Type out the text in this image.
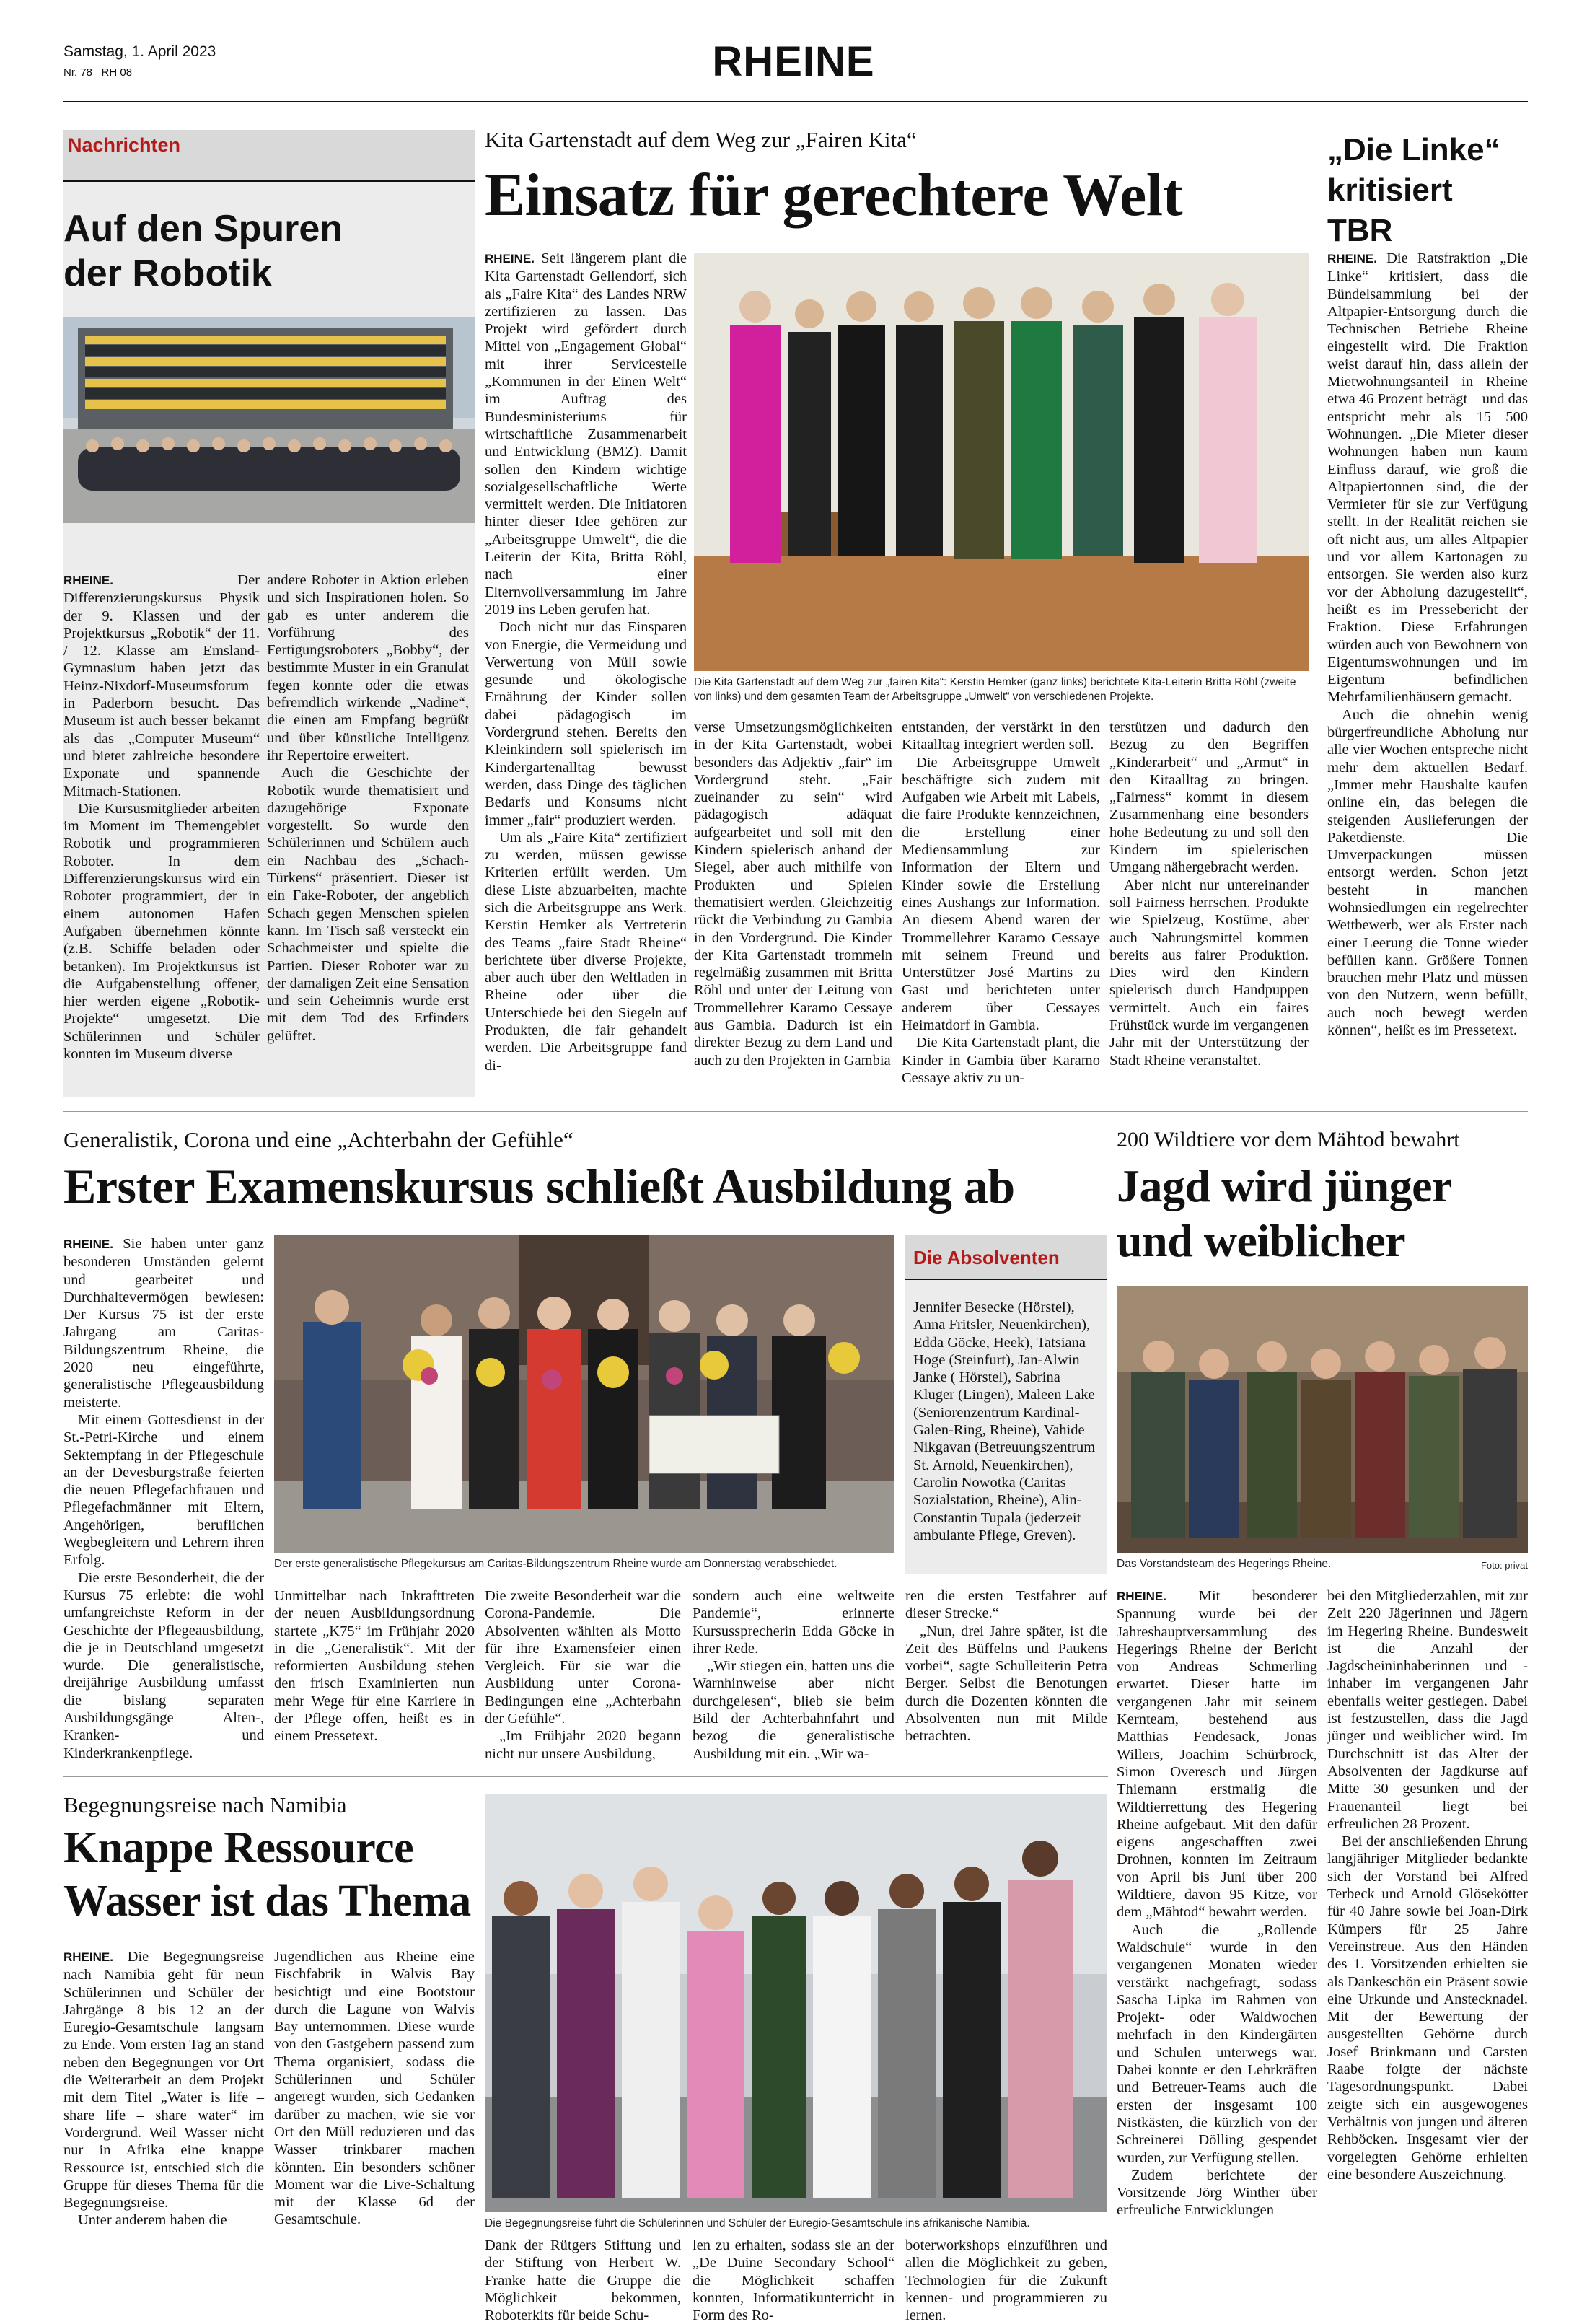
Samstag, 1. April 2023
Nr. 78 RH 08	RHEINE
Nachrichten
Auf den Spuren der Robotik

RHEINE.	Der Differenzierungskursus Physik der 9. Klassen und der Projektkursus „Robotik“ der 11. / 12. Klasse am Emsland-Gymnasium haben jetzt das Heinz-Nixdorf-Museumsforum in Paderborn besucht. Das Museum ist auch besser bekannt als das „Computer–Museum“ und bietet zahlreiche besondere Exponate und spannende Mitmach-Stationen.

Die Kursusmitglieder arbeiten im Moment im Themengebiet Robotik und programmieren Roboter. In dem Differenzierungskursus wird ein Roboter programmiert, der in einem autonomen Hafen Aufgaben übernehmen könnte (z.B. Schiffe beladen oder betanken). Im Projektkursus ist die Aufgabenstellung offener, hier werden eigene „Robotik-Projekte“ umgesetzt. Die Schülerinnen und Schüler konnten im Museum diverse

andere Roboter in Aktion erleben und sich Inspirationen holen. So gab es unter anderem die Vorführung des Fertigungsroboters „Bobby“, der bestimmte Muster in ein Granulat fegen konnte oder die etwas befremdlich wirkende „Nadine“, die einen am Empfang begrüßt und über künstliche Intelligenz ihr Repertoire erweitert.

Auch die Geschichte der Robotik wurde thematisiert und dazugehörige Exponate vorgestellt. So wurde den Schülerinnen und Schülern auch ein Nachbau des „Schach-Türkens“ präsentiert. Dieser ist ein Fake-Roboter, der angeblich Schach gegen Menschen spielen kann. Im Tisch saß versteckt ein Schachmeister und spielte die Partien. Dieser Roboter war zu der damaligen Zeit eine Sensation und sein Geheimnis wurde erst mit dem Tod des Erfinders gelüftet.

Kita Gartenstadt auf dem Weg zur „Fairen Kita“
Einsatz für gerechtere Welt

RHEINE. Seit längerem plant die Kita Gartenstadt Gellendorf, sich als „Faire Kita“ des Landes NRW zertifizieren zu lassen. Das Projekt wird gefördert durch Mittel von „Engagement Global“ mit ihrer Servicestelle „Kommunen in der Einen Welt“ im Auftrag des Bundesministeriums für wirtschaftliche Zusammenarbeit und Entwicklung (BMZ). Damit sollen den Kindern wichtige sozialgesellschaftliche Werte vermittelt werden. Die Initiatoren hinter dieser Idee gehören zur „Arbeitsgruppe Umwelt“, die die Leiterin der Kita, Britta Röhl, nach einer Elternvollversammlung im Jahre 2019 ins Leben gerufen hat.

Doch nicht nur das Einsparen von Energie, die Vermeidung und Verwertung von Müll sowie gesunde und ökologische Ernährung der Kinder sollen dabei pädagogisch im Vordergrund stehen. Bereits den Kleinkindern soll spielerisch im Kindergartenalltag bewusst werden, dass Dinge des täglichen Bedarfs und Konsums nicht immer „fair“ produziert werden.

Um als „Faire Kita“ zertifiziert zu werden, müssen gewisse Kriterien erfüllt werden. Um diese Liste abzuarbeiten, machte sich die Arbeitsgruppe ans Werk. Kerstin Hemker als Vertreterin des Teams „faire Stadt Rheine“ berichtete über diverse Projekte, aber auch über den Weltladen in Rheine oder über die Unterschiede bei den Siegeln auf Produkten, die fair gehandelt werden. Die Arbeitsgruppe fand di-

Die Kita Gartenstadt auf dem Weg zur „fairen Kita“: Kerstin Hemker (ganz links) berichtete Kita-Leiterin Britta Röhl (zweite von links) und dem gesamten Team der Arbeitsgruppe „Umwelt“ von verschiedenen Projekte.

verse Umsetzungsmöglichkeiten in der Kita Gartenstadt, wobei besonders das Adjektiv „fair“ im Vordergrund steht. „Fair zueinander zu sein“ wird pädagogisch adäquat aufgearbeitet und soll mit den Kindern spielerisch anhand der Siegel, aber auch mithilfe von Produkten und Spielen thematisiert werden. Gleichzeitig rückt die Verbindung zu Gambia in den Vordergrund. Die Kinder der Kita Gartenstadt trommeln regelmäßig zusammen mit Britta Röhl und unter der Leitung von Trommellehrer Karamo Cessaye aus Gambia. Dadurch ist ein direkter Bezug zu dem Land und auch zu den Projekten in Gambia

entstanden, der verstärkt in den Kitaalltag integriert werden soll.

Die Arbeitsgruppe Umwelt beschäftigte sich zudem mit Aufgaben wie Arbeit mit Labels, die faire Produkte kennzeichnen, die Erstellung einer Mediensammlung zur Information der Eltern und Kinder sowie die Erstellung eines Aushangs zur Information. An diesem Abend waren der Trommellehrer Karamo Cessaye mit seinem Freund und Unterstützer José Martins zu Gast und berichteten unter anderem über Cessayes Heimatdorf in Gambia.

Die Kita Gartenstadt plant, die Kinder in Gambia über Karamo Cessaye aktiv zu un-

terstützen und dadurch den Bezug zu den Begriffen „Kinderarbeit“ und „Armut“ in den Kitaalltag zu bringen. „Fairness“ kommt in diesem Zusammenhang eine besonders hohe Bedeutung zu und soll den Kindern im spielerischen Umgang nähergebracht werden.

Aber nicht nur untereinander soll Fairness herrschen. Produkte wie Spielzeug, Kostüme, aber auch Nahrungsmittel kommen bereits aus fairer Produktion. Dies wird den Kindern spielerisch durch Handpuppen vermittelt. Auch ein faires Frühstück wurde im vergangenen Jahr mit der Unterstützung der Stadt Rheine veranstaltet.

„Die Linke“ kritisiert TBR

RHEINE. Die Ratsfraktion „Die Linke“ kritisiert, dass die Bündelsammlung bei der Altpapier-Entsorgung durch die Technischen Betriebe Rheine eingestellt wird. Die Fraktion weist darauf hin, dass allein der Mietwohnungsanteil in Rheine etwa 46 Prozent beträgt – und das entspricht mehr als 15 500 Wohnungen. „Die Mieter dieser Wohnungen haben nun kaum Einfluss darauf, wie groß die Altpapiertonnen sind, die der Vermieter für sie zur Verfügung stellt. In der Realität reichen sie oft nicht aus, um alles Altpapier und vor allem Kartonagen zu entsorgen. Sie werden also kurz vor der Abholung dazugestellt“, heißt es im Pressebericht der Fraktion. Diese Erfahrungen würden auch von Bewohnern von Eigentumswohnungen und im Eigentum befindlichen Mehrfamilienhäusern gemacht.

Auch die ohnehin wenig bürgerfreundliche Abholung nur alle vier Wochen entspreche nicht mehr dem aktuellen Bedarf. „Immer mehr Haushalte kaufen online ein, das belegen die steigenden Auslieferungen der Paketdienste. Die Umverpackungen müssen entsorgt werden. Schon jetzt besteht in manchen Wohnsiedlungen ein regelrechter Wettbewerb, wer als Erster nach einer Leerung die Tonne wieder befüllen kann. Größere Tonnen brauchen mehr Platz und müssen von den Nutzern, wenn befüllt, auch noch bewegt werden können“, heißt es im Pressetext.

Generalistik, Corona und eine „Achterbahn der Gefühle“
Erster Examenskursus schließt Ausbildung ab

RHEINE. Sie haben unter ganz besonderen Umständen gelernt und gearbeitet und Durchhaltevermögen bewiesen: Der Kursus 75 ist der erste Jahrgang am Caritas-Bildungszentrum Rheine, die 2020 neu eingeführte, generalistische Pflegeausbildung meisterte.

Mit einem Gottesdienst in der St.-Petri-Kirche und einem Sektempfang in der Pflegeschule an der Devesburgstraße feierten die neuen Pflegefachfrauen und Pflegefachmänner mit Eltern, Angehörigen, beruflichen Wegbegleitern und Lehrern ihren Erfolg.

Die erste Besonderheit, die der Kursus 75 erlebte: die wohl umfangreichste Reform in der Geschichte der Pflegeausbildung, die je in Deutschland umgesetzt wurde. Die generalistische, dreijährige Ausbildung umfasst die bislang separaten Ausbildungsgänge Alten-, Kranken- und Kinderkrankenpflege.

Der erste generalistische Pflegekursus am Caritas-Bildungszentrum Rheine wurde am Donnerstag verabschiedet.
Die Absolventen

Jennifer Besecke (Hörstel), Anna Fritsler, Neuenkirchen), Edda Göcke, Heek), Tatsiana Hoge (Steinfurt), Jan-Alwin Janke ( Hörstel), Sabrina Kluger (Lingen), Maleen Lake (Seniorenzentrum Kardinal-Galen-Ring, Rheine), Vahide Nikgavan (Betreuungszentrum St. Arnold, Neuenkirchen), Carolin Nowotka (Caritas Sozialstation, Rheine), Alin-Constantin Tupala (jederzeit ambulante Pflege, Greven).

Unmittelbar nach Inkrafttreten der neuen Ausbildungsordnung startete „K75“ im Frühjahr 2020 in die „Generalistik“. Mit der reformierten Ausbildung stehen den frisch Examinierten nun mehr Wege für eine Karriere in der Pflege offen, heißt es in einem Pressetext.

Die zweite Besonderheit war die Corona-Pandemie. Die Absolventen wählten als Motto für ihre Examensfeier einen Vergleich. Für sie war die Ausbildung unter Corona-Bedingungen eine „Achterbahn der Gefühle“.

„Im Frühjahr 2020 begann nicht nur unsere Ausbildung,

sondern auch eine weltweite Pandemie“, erinnerte Kursussprecherin Edda Göcke in ihrer Rede.

„Wir stiegen ein, hatten uns die Warnhinweise aber nicht durchgelesen“, blieb sie beim Bild der Achterbahnfahrt und bezog die generalistische Ausbildung mit ein. „Wir wa-

ren die ersten Testfahrer auf dieser Strecke.“

„Nun, drei Jahre später, ist die Zeit des Büffelns und Paukens vorbei“, sagte Schulleiterin Petra Berger. Selbst die Benotungen durch die Dozenten könnten die Absolventen nun mit Milde betrachten.

200 Wildtiere vor dem Mähtod bewahrt
Jagd wird jünger und weiblicher
Das Vorstandsteam des Hegerings Rheine.	Foto: privat

RHEINE. Mit besonderer Spannung wurde bei der Jahreshauptversammlung des Hegerings Rheine der Bericht von Andreas Schmerling erwartet. Dieser hatte im vergangenen Jahr mit seinem Kernteam, bestehend aus Matthias Fendesack, Jonas Willers, Joachim Schürbrock, Simon Overesch und Jürgen Thiemann erstmalig die Wildtierrettung des Hegering Rheine aufgebaut. Mit den dafür eigens angeschafften zwei Drohnen, konnten im Zeitraum von April bis Juni über 200 Wildtiere, davon 95 Kitze, vor dem „Mähtod“ bewahrt werden.

Auch die „Rollende Waldschule“ wurde in den vergangenen Monaten wieder verstärkt nachgefragt, sodass Sascha Lipka im Rahmen von Projekt- oder Waldwochen mehrfach in den Kindergärten und Schulen unterwegs war. Dabei konnte er den Lehrkräften und Betreuer-Teams auch die ersten der insgesamt 100 Nistkästen, die kürzlich von der Schreinerei Dölling gespendet wurden, zur Verfügung stellen.

Zudem berichtete der Vorsitzende Jörg Winther über erfreuliche Entwicklungen

bei den Mitgliederzahlen, mit zur Zeit 220 Jägerinnen und Jägern im Hegering Rheine. Bundesweit ist die Anzahl der Jagdscheininhaberinnen und -inhaber im vergangenen Jahr ebenfalls weiter gestiegen. Dabei ist festzustellen, dass die Jagd jünger und weiblicher wird. Im Durchschnitt ist das Alter der Absolventen der Jagdkurse auf Mitte 30 gesunken und der Frauenanteil liegt bei erfreulichen 28 Prozent.

Bei der anschließenden Ehrung langjähriger Mitglieder bedankte sich der Vorstand bei Alfred Terbeck und Arnold Glösekötter für 40 Jahre sowie bei Joan-Dirk Kümpers für 25 Jahre Vereinstreue. Aus den Händen des 1. Vorsitzenden erhielten sie als Dankeschön ein Präsent sowie eine Urkunde und Anstecknadel. Mit der Bewertung der ausgestellten Gehörne durch Josef Brinkmann und Carsten Raabe folgte der nächste Tagesordnungspunkt. Dabei zeigte sich ein ausgewogenes Verhältnis von jungen und älteren Rehböcken. Insgesamt vier der vorgelegten Gehörne erhielten eine besondere Auszeichnung.

Begegnungsreise nach Namibia
Knappe Ressource Wasser ist das Thema

RHEINE. Die Begegnungsreise nach Namibia geht für neun Schülerinnen und Schüler der Jahrgänge 8 bis 12 an der Euregio-Gesamtschule langsam zu Ende. Vom ersten Tag an stand neben den Begegnungen vor Ort die Weiterarbeit an dem Projekt mit dem Titel „Water is life – share life – share water“ im Vordergrund. Weil Wasser nicht nur in Afrika eine knappe Ressource ist, entschied sich die Gruppe für dieses Thema für die Begegnungsreise.

Unter anderem haben die

Jugendlichen aus Rheine eine Fischfabrik in Walvis Bay besichtigt und eine Bootstour durch die Lagune von Walvis Bay unternommen. Diese wurde von den Gastgebern passend zum Thema organisiert, sodass die Schülerinnen und Schüler angeregt wurden, sich Gedanken darüber zu machen, wie sie vor Ort den Müll reduzieren und das Wasser trinkbarer machen könnten. Ein besonders schöner Moment war die Live-Schaltung mit der Klasse 6d der Gesamtschule.	Die Begegnungsreise führt die Schülerinnen und Schüler der Euregio-Gesamtschule ins afrikanische Namibia.

Dank der Rütgers Stiftung und der Stiftung von Herbert W. Franke hatte die Gruppe die Möglichkeit bekommen, Roboterkits für beide Schu-

len zu erhalten, sodass sie an der „De Duine Secondary School“ die Möglichkeit schaffen konnten, Informatikunterricht in Form des Ro-

boterworkshops einzuführen und allen die Möglichkeit zu geben, Technologien für die Zukunft kennen- und programmieren zu lernen.
